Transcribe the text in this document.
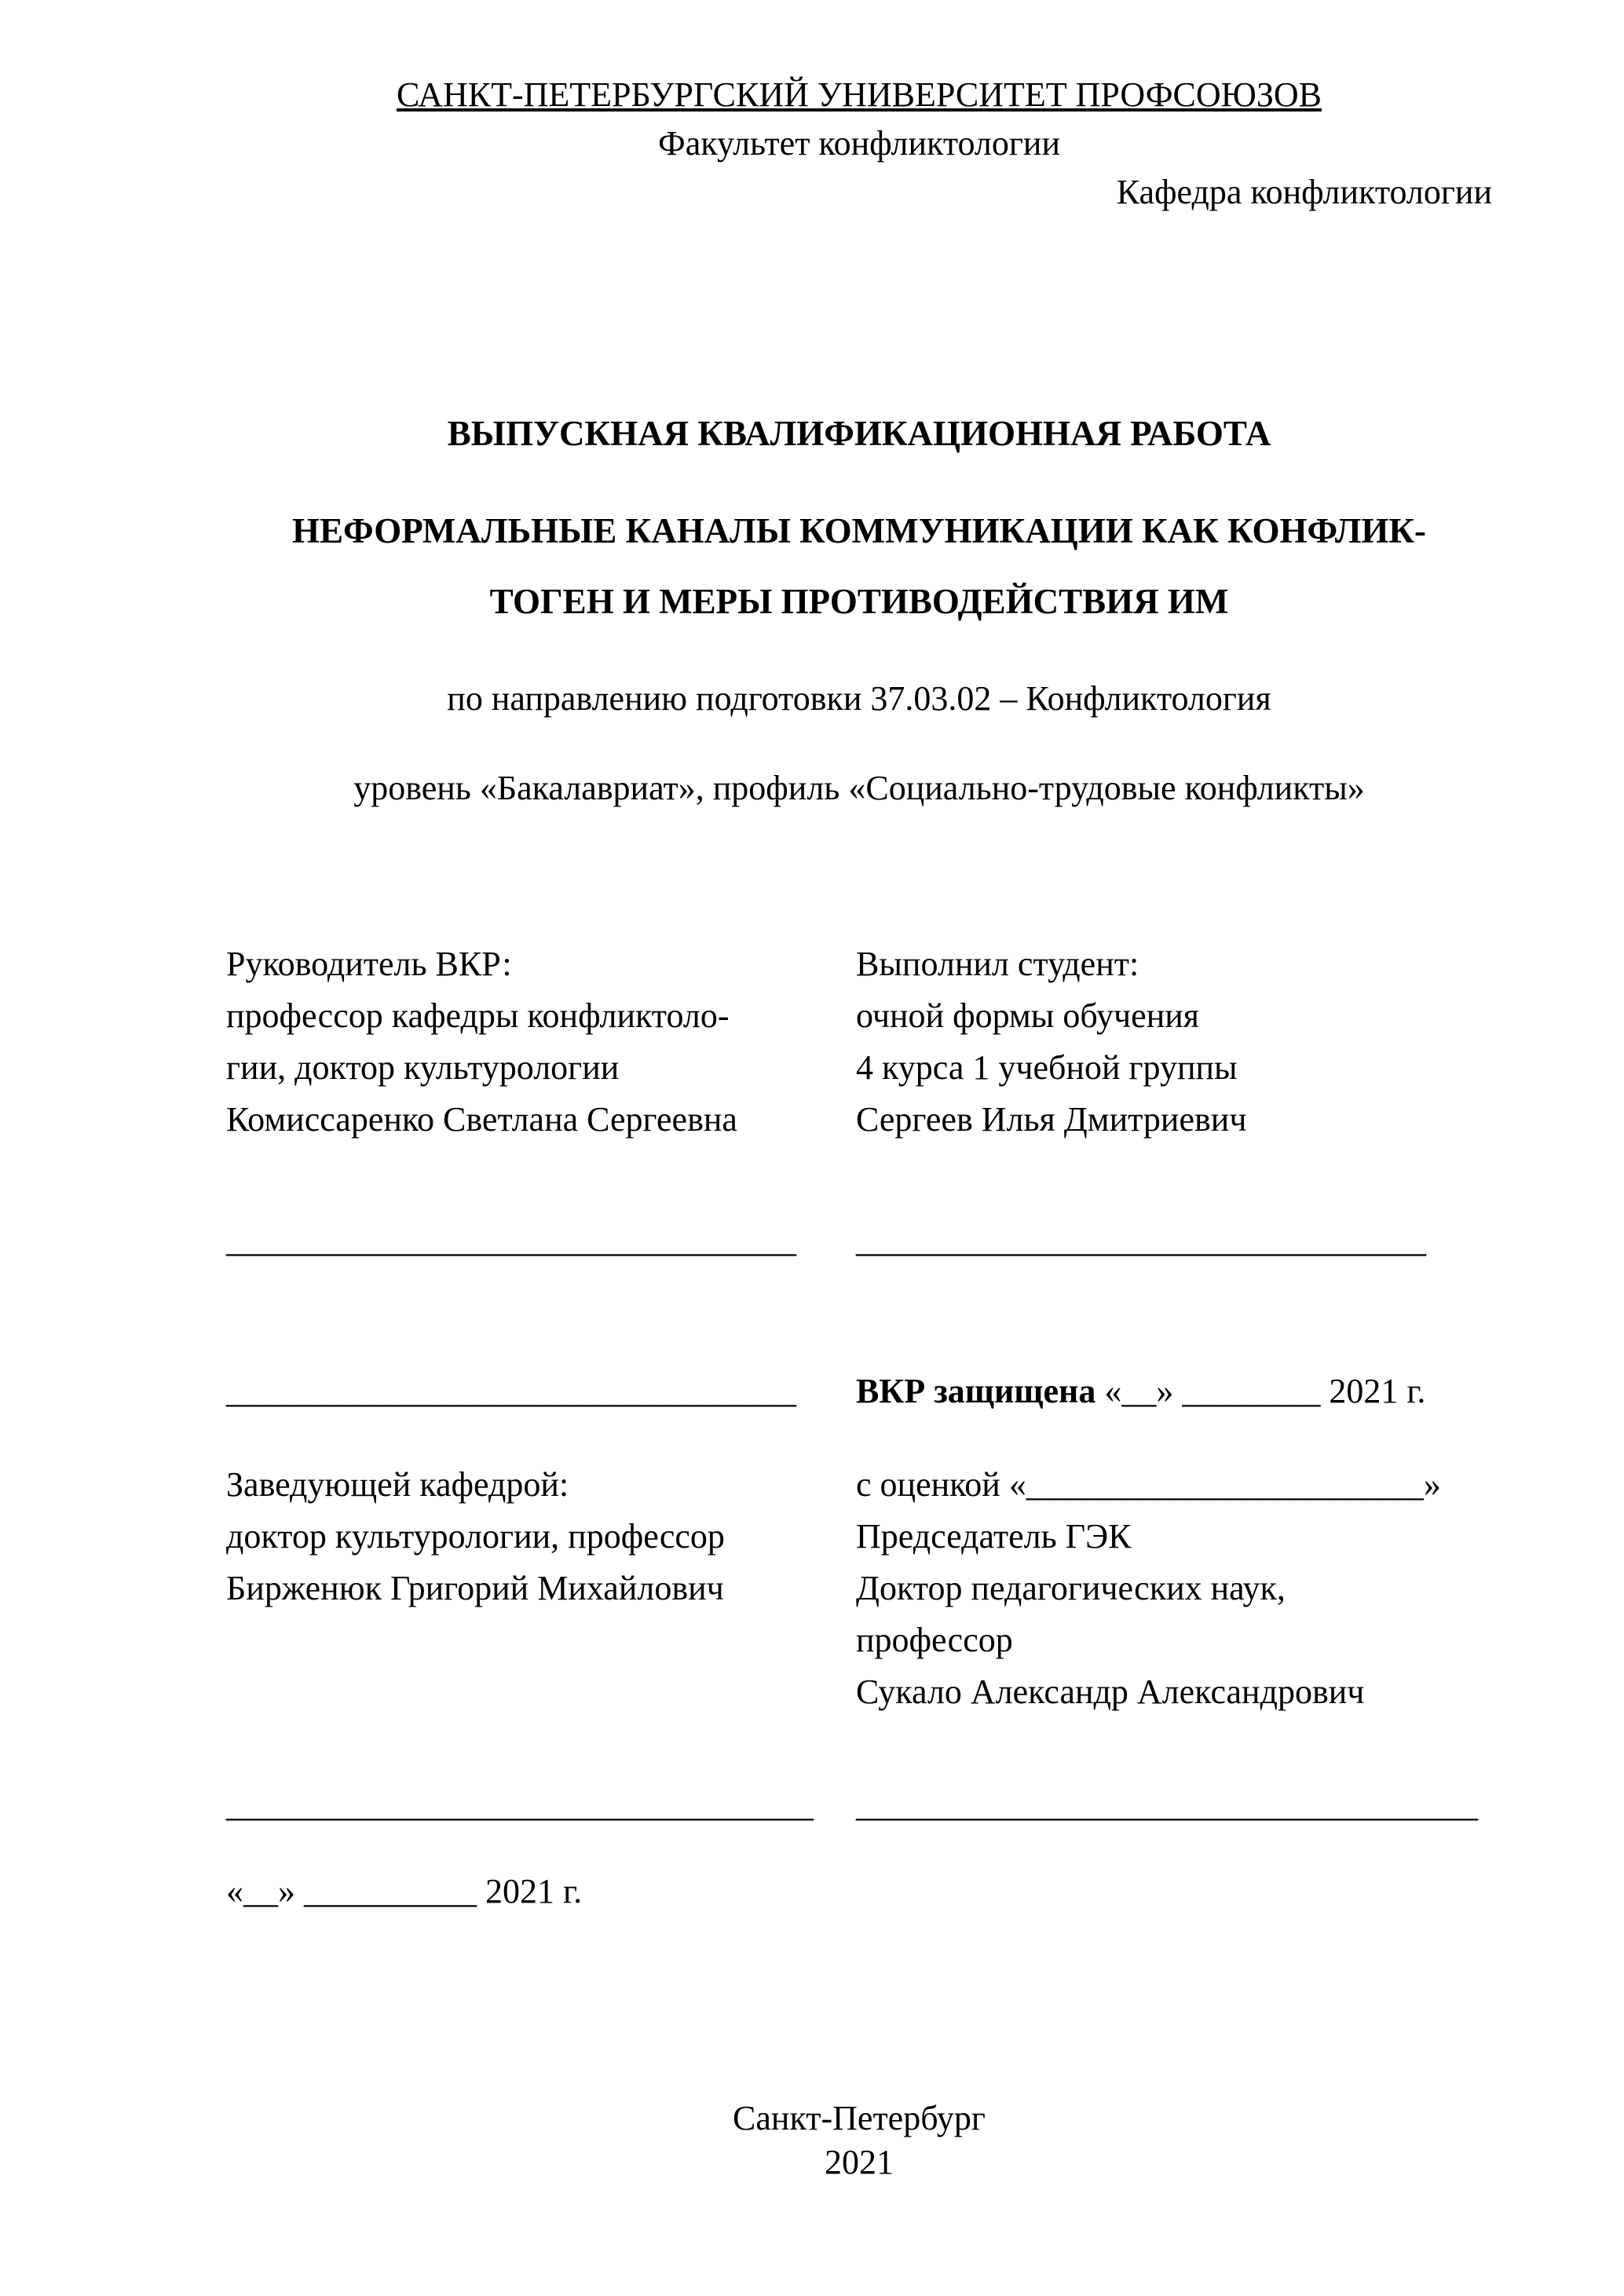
САНКТ-ПЕТЕРБУРГСКИЙ УНИВЕРСИТЕТ ПРОФСОЮЗОВ
Факультет конфликтологии
Кафедра конфликтологии
ВЫПУСКНАЯ КВАЛИФИКАЦИОННАЯ РАБОТА
НЕФОРМАЛЬНЫЕ КАНАЛЫ КОММУНИКАЦИИ КАК КОНФЛИК-
ТОГЕН И МЕРЫ ПРОТИВОДЕЙСТВИЯ ИМ
по направлению подготовки 37.03.02 – Конфликтология
уровень «Бакалавриат», профиль «Социально-трудовые конфликты»
Руководитель ВКР:
профессор кафедры конфликтоло-
гии, доктор культурологии
Комиссаренко Светлана Сергеевна
Выполнил студент:
очной формы обучения
4 курса 1 учебной группы
Сергеев Илья Дмитриевич
_________________________________	_________________________________
_________________________________	ВКР защищена «__» ________ 2021 г.
Заведующей кафедрой:
доктор культурологии, профессор
Бирженюк Григорий Михайлович
с оценкой «_______________________»
Председатель ГЭК
Доктор педагогических наук,
профессор
Сукало Александр Александрович
__________________________________	____________________________________
«__» __________ 2021 г.
Санкт-Петербург
2021
